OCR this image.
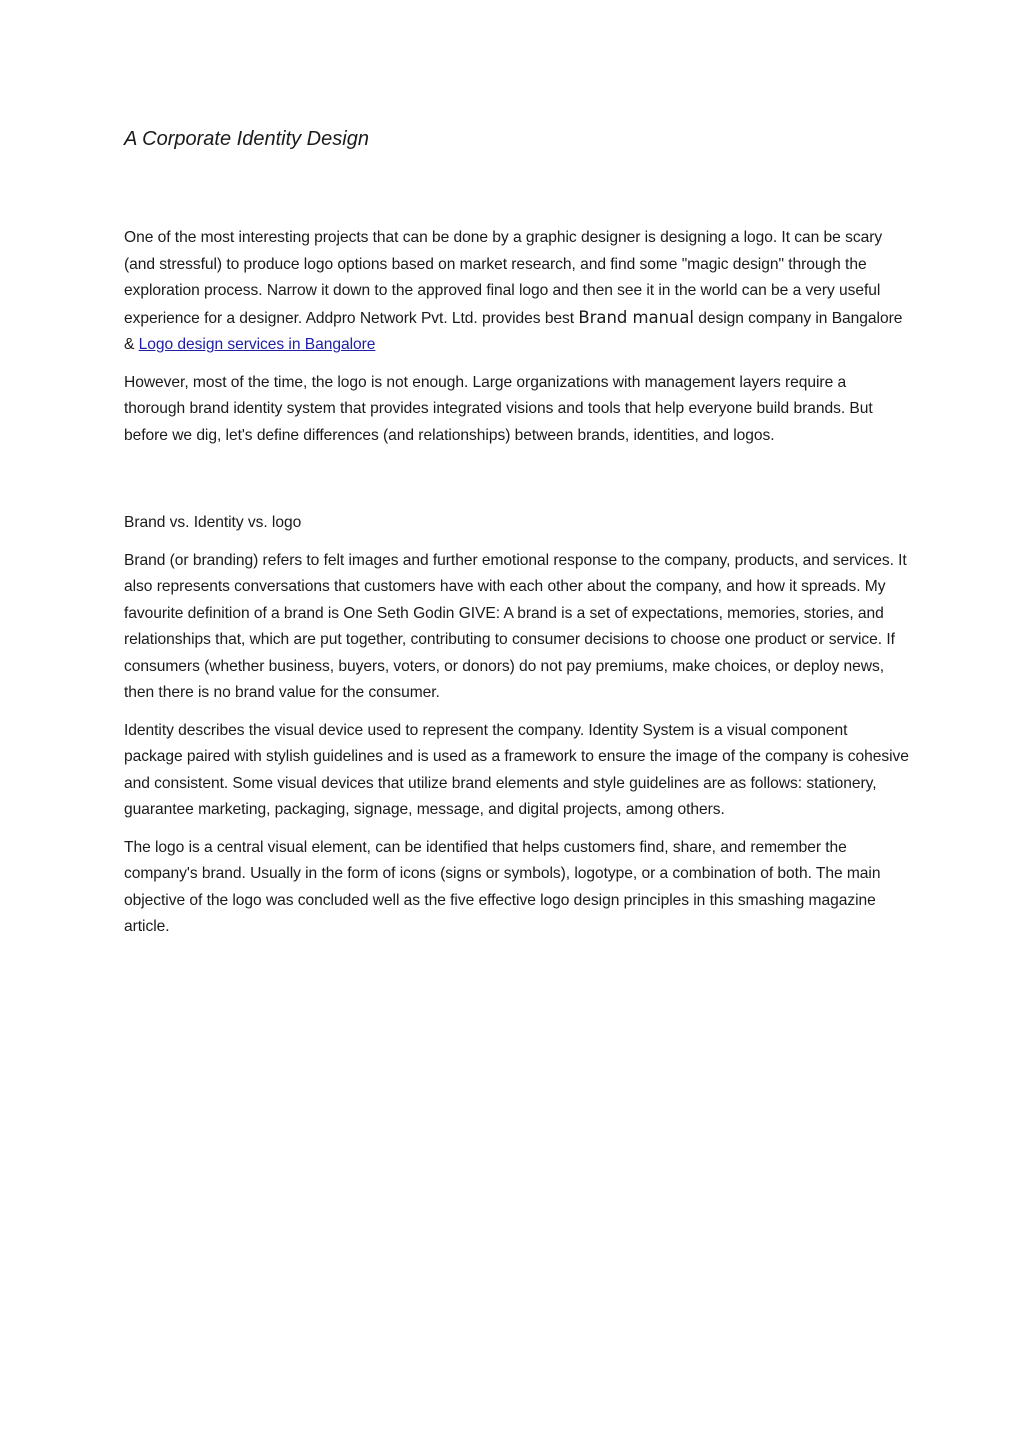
A Corporate Identity Design

One of the most interesting projects that can be done by a graphic designer is designing a logo. It can be scary (and stressful) to produce logo options based on market research, and find some "magic design" through the exploration process. Narrow it down to the approved final logo and then see it in the world can be a very useful experience for a designer. Addpro Network Pvt. Ltd. provides best Brand manual design company in Bangalore & Logo design services in Bangalore

However, most of the time, the logo is not enough. Large organizations with management layers require a thorough brand identity system that provides integrated visions and tools that help everyone build brands. But before we dig, let's define differences (and relationships) between brands, identities, and logos.

Brand vs. Identity vs. logo

Brand (or branding) refers to felt images and further emotional response to the company, products, and services. It also represents conversations that customers have with each other about the company, and how it spreads. My favourite definition of a brand is One Seth Godin GIVE: A brand is a set of expectations, memories, stories, and relationships that, which are put together, contributing to consumer decisions to choose one product or service. If consumers (whether business, buyers, voters, or donors) do not pay premiums, make choices, or deploy news, then there is no brand value for the consumer.

Identity describes the visual device used to represent the company. Identity System is a visual component package paired with stylish guidelines and is used as a framework to ensure the image of the company is cohesive and consistent. Some visual devices that utilize brand elements and style guidelines are as follows: stationery, guarantee marketing, packaging, signage, message, and digital projects, among others.

The logo is a central visual element, can be identified that helps customers find, share, and remember the company's brand. Usually in the form of icons (signs or symbols), logotype, or a combination of both. The main objective of the logo was concluded well as the five effective logo design principles in this smashing magazine article.
